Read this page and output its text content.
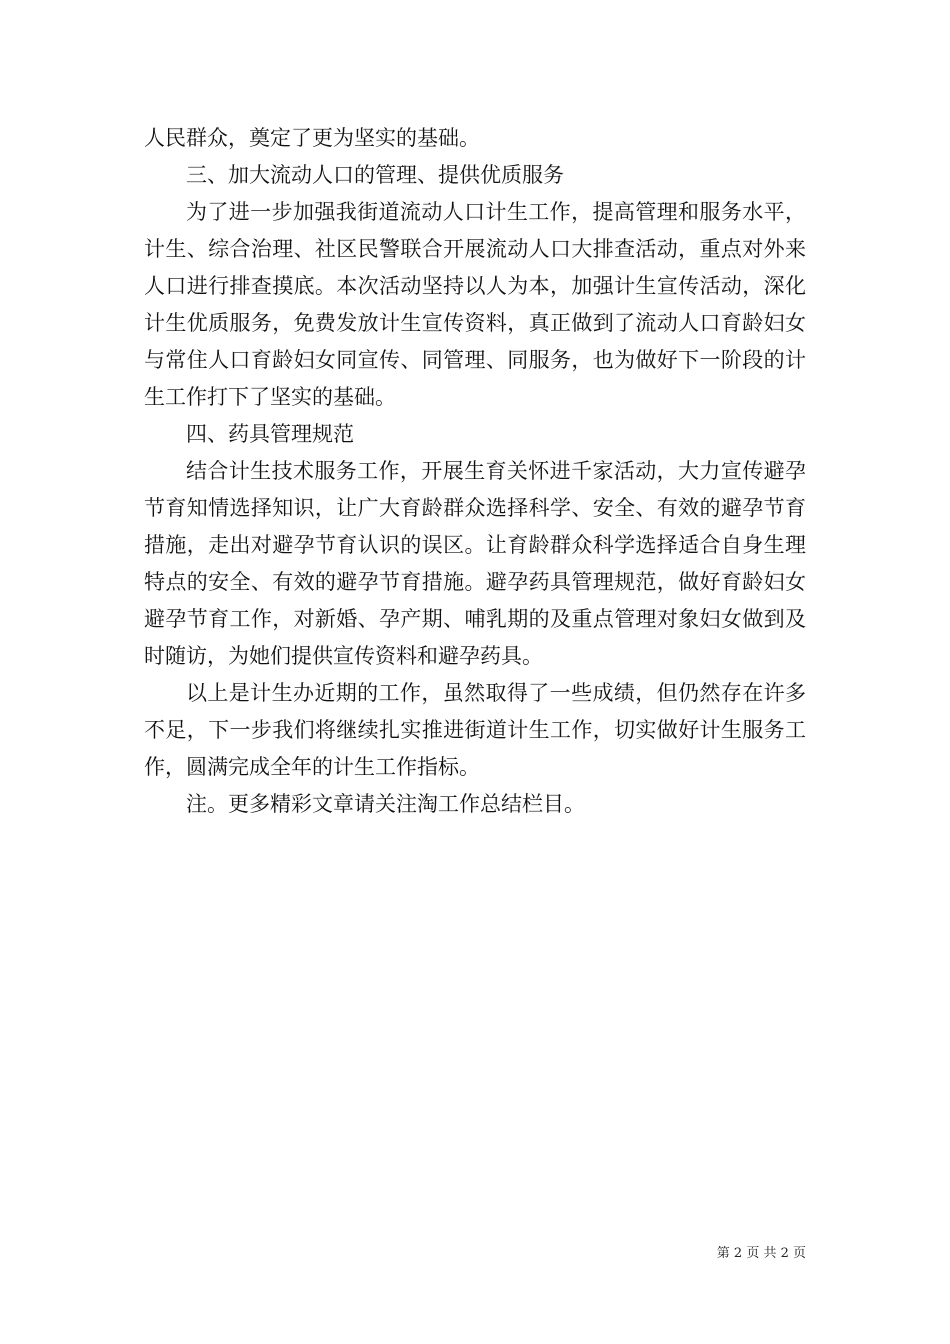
人民群众，奠定了更为坚实的基础。

三、加大流动人口的管理、提供优质服务

为了进一步加强我街道流动人口计生工作，提高管理和服务水平，计生、综合治理、社区民警联合开展流动人口大排查活动，重点对外来人口进行排查摸底。本次活动坚持以人为本，加强计生宣传活动，深化计生优质服务，免费发放计生宣传资料，真正做到了流动人口育龄妇女与常住人口育龄妇女同宣传、同管理、同服务，也为做好下一阶段的计生工作打下了坚实的基础。

四、药具管理规范

结合计生技术服务工作，开展生育关怀进千家活动，大力宣传避孕节育知情选择知识，让广大育龄群众选择科学、安全、有效的避孕节育措施，走出对避孕节育认识的误区。让育龄群众科学选择适合自身生理特点的安全、有效的避孕节育措施。避孕药具管理规范，做好育龄妇女避孕节育工作，对新婚、孕产期、哺乳期的及重点管理对象妇女做到及时随访，为她们提供宣传资料和避孕药具。

以上是计生办近期的工作，虽然取得了一些成绩，但仍然存在许多不足，下一步我们将继续扎实推进街道计生工作，切实做好计生服务工作，圆满完成全年的计生工作指标。

注。更多精彩文章请关注淘工作总结栏目。

第 2 页 共 2 页
